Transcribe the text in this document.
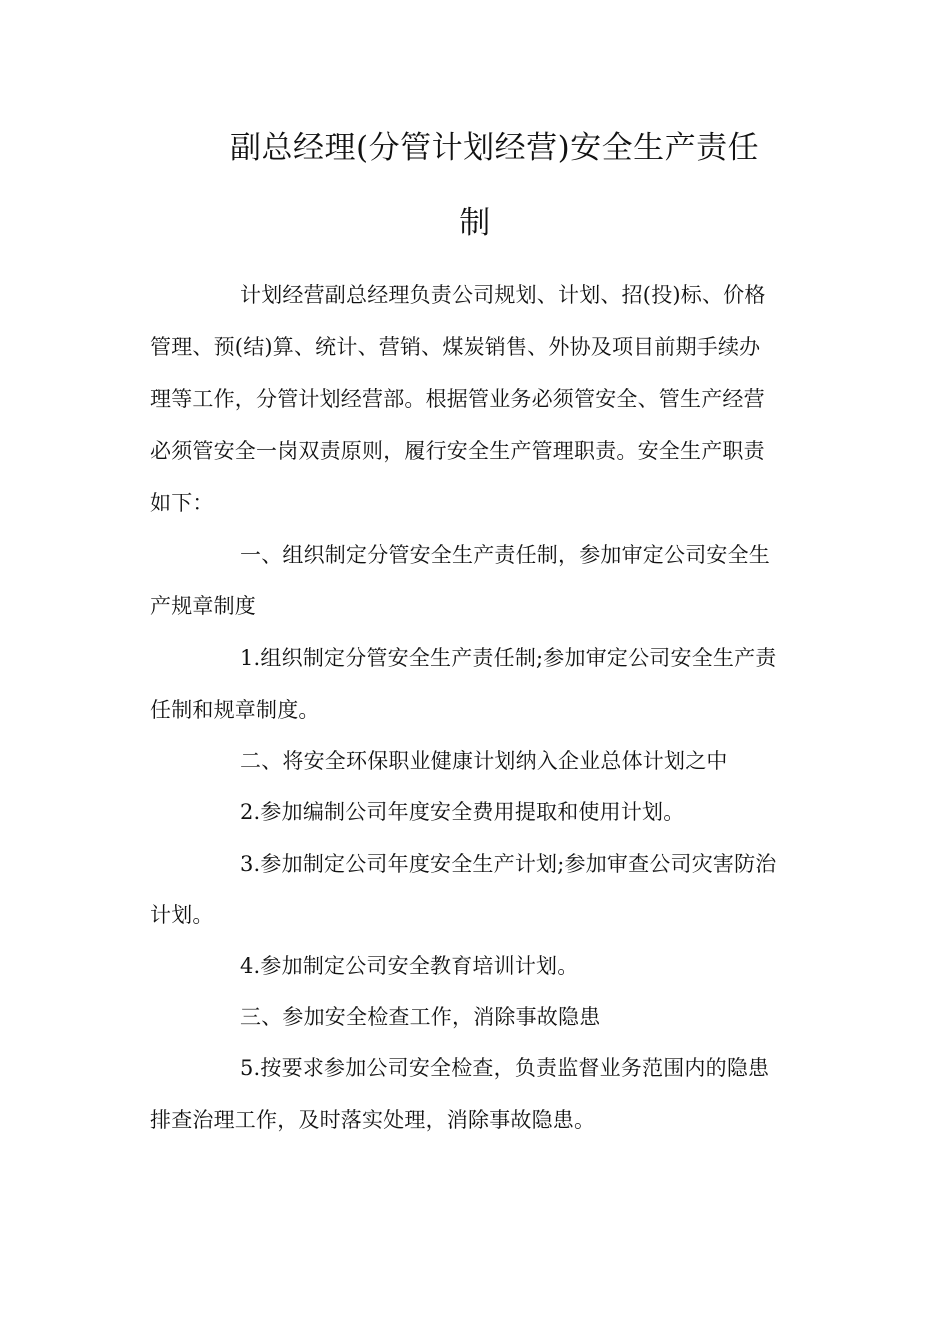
副总经理(分管计划经营)安全生产责任
制
计划经营副总经理负责公司规划、计划、招(投)标、价格
管理、预(结)算、统计、营销、煤炭销售、外协及项目前期手续办
理等工作，分管计划经营部。根据管业务必须管安全、管生产经营
必须管安全一岗双责原则，履行安全生产管理职责。安全生产职责
如下：
一、组织制定分管安全生产责任制，参加审定公司安全生
产规章制度
1.组织制定分管安全生产责任制;参加审定公司安全生产责
任制和规章制度。
二、将安全环保职业健康计划纳入企业总体计划之中
2.参加编制公司年度安全费用提取和使用计划。
3.参加制定公司年度安全生产计划;参加审查公司灾害防治
计划。
4.参加制定公司安全教育培训计划。
三、参加安全检查工作，消除事故隐患
5.按要求参加公司安全检查，负责监督业务范围内的隐患
排查治理工作，及时落实处理，消除事故隐患。
